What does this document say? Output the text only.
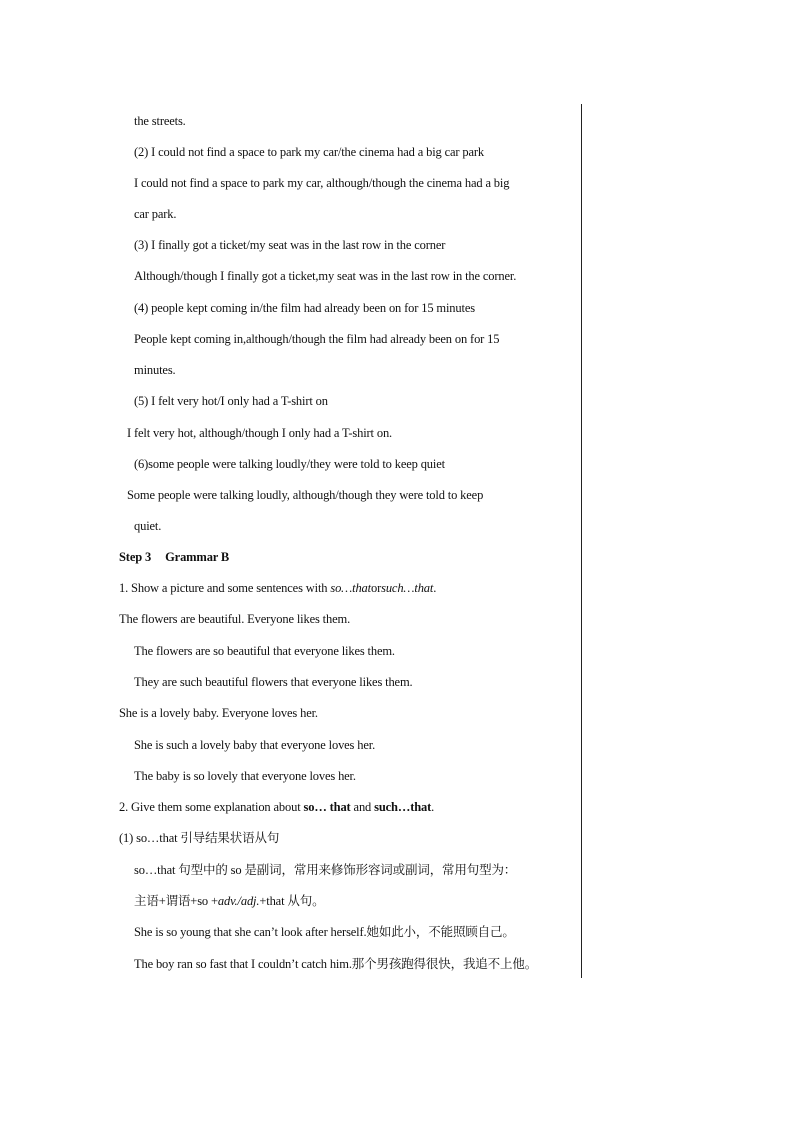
the streets.
(2) I could not find a space to park my car/the cinema had a big car park
I could not find a space to park my car, although/though the cinema had a big
car park.
(3) I finally got a ticket/my seat was in the last row in the corner
Although/though I finally got a ticket,my seat was in the last row in the corner.
(4) people kept coming in/the film had already been on for 15 minutes
People kept coming in,although/though the film had already been on for 15
minutes.
(5) I felt very hot/I only had a T-shirt on
I felt very hot, although/though I only had a T-shirt on.
(6)some people were talking loudly/they were told to keep quiet
Some people were talking loudly, although/though they were told to keep
quiet.
Step 3 Grammar B
1. Show a picture and some sentences with so…thatorsuch…that.
The flowers are beautiful. Everyone likes them.
The flowers are so beautiful that everyone likes them.
They are such beautiful flowers that everyone likes them.
She is a lovely baby. Everyone loves her.
She is such a lovely baby that everyone loves her.
The baby is so lovely that everyone loves her.
2. Give them some explanation about so… that and such…that.
(1) so…that 引导结果状语从句
so…that 句型中的 so 是副词，常用来修饰形容词或副词，常用句型为：
主语+谓语+so +adv./adj.+that 从句。
She is so young that she can’t look after herself.她如此小，不能照顾自己。
The boy ran so fast that I couldn’t catch him.那个男孩跑得很快，我追不上他。
